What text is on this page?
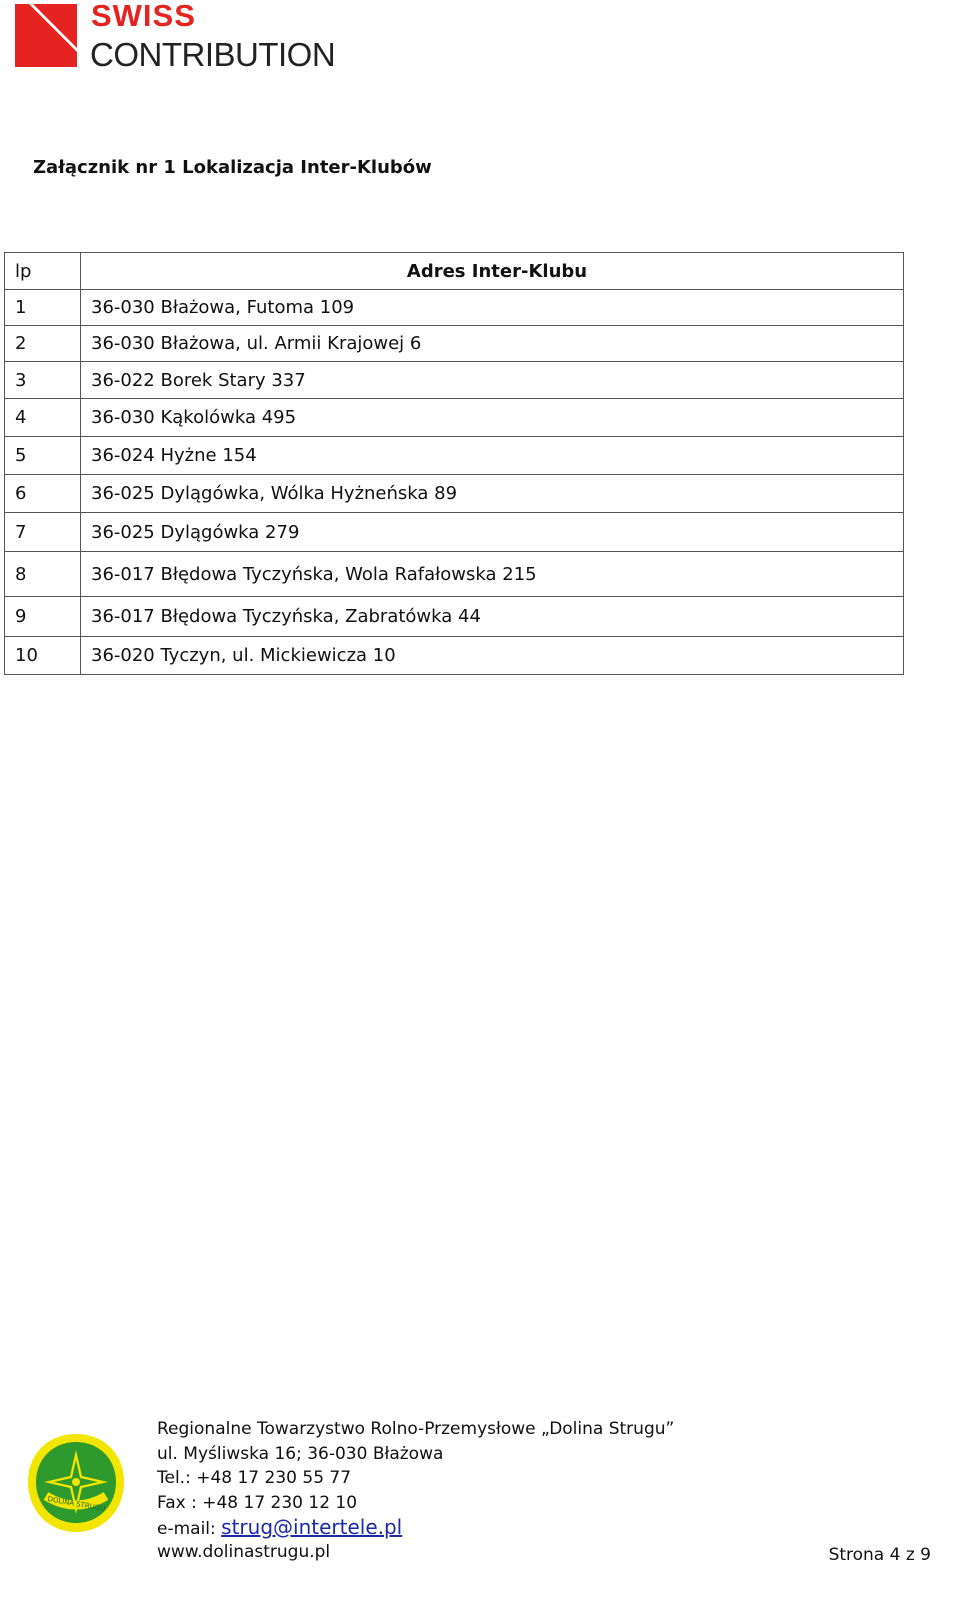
SWISS
CONTRIBUTION
Załącznik nr 1 Lokalizacja Inter-Klubów
lp	Adres Inter-Klubu
1	36-030 Błażowa, Futoma 109
2	36-030 Błażowa, ul. Armii Krajowej 6
3	36-022 Borek Stary 337
4	36-030 Kąkolówka 495
5	36-024 Hyżne 154
6	36-025 Dylągówka, Wólka Hyżneńska 89
7	36-025 Dylągówka 279
8	36-017 Błędowa Tyczyńska, Wola Rafałowska 215
9	36-017 Błędowa Tyczyńska, Zabratówka 44
10	36-020 Tyczyn, ul. Mickiewicza 10
DOLINA STRUGU
Regionalne Towarzystwo Rolno-Przemysłowe „Dolina Strugu”
ul. Myśliwska 16; 36-030 Błażowa
Tel.: +48 17 230 55 77
Fax : +48 17 230 12 10
e-mail: strug@intertele.pl
www.dolinastrugu.pl	Strona 4 z 9
